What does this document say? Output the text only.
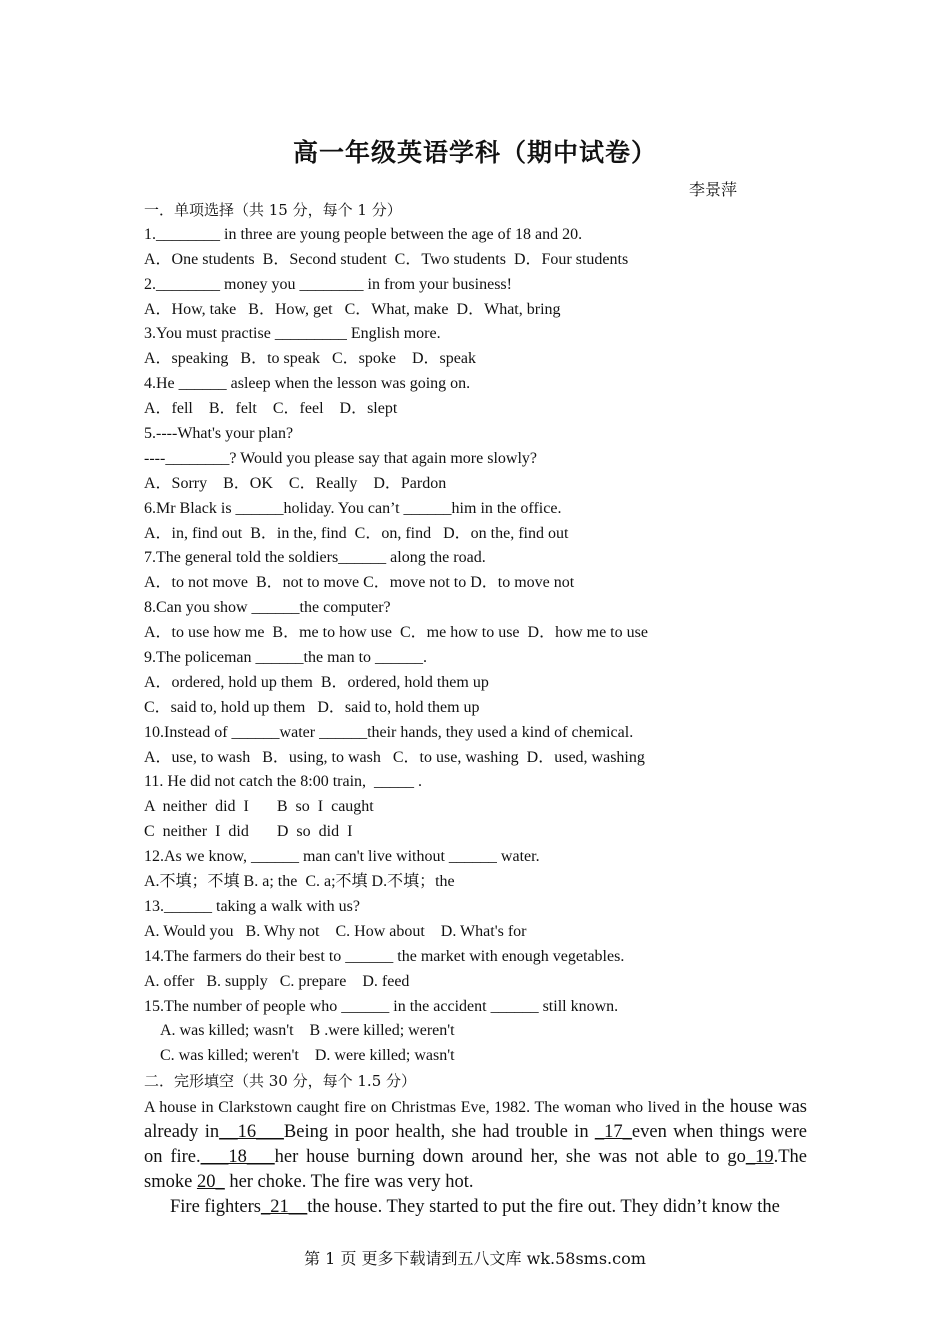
高一年级英语学科（期中试卷）
李景萍
一．单项选择（共 15 分，每个 1 分）
1.________ in three are young people between the age of 18 and 20.
A．One students  B．Second student  C．Two students  D．Four students
2.________ money you ________ in from your business!
A．How, take   B．How, get   C．What, make  D．What, bring
3.You must practise _________ English more.
A．speaking   B．to speak   C．spoke    D．speak
4.He ______ asleep when the lesson was going on.
A．fell    B．felt    C．feel    D．slept
5.----What's your plan?
----________? Would you please say that again more slowly?
A．Sorry    B．OK    C．Really    D．Pardon
6.Mr Black is ______holiday. You can’t ______him in the office.
A．in, find out  B．in the, find  C．on, find   D．on the, find out
7.The general told the soldiers______ along the road.
A．to not move  B．not to move C．move not to D．to move not
8.Can you show ______the computer?
A．to use how me  B．me to how use  C．me how to use  D．how me to use
9.The policeman ______the man to ______.
A．ordered, hold up them  B．ordered, hold them up
C．said to, hold up them   D．said to, hold them up
10.Instead of ______water ______their hands, they used a kind of chemical.
A．use, to wash   B．using, to wash   C．to use, washing  D．used, washing
11. He did not catch the 8:00 train,  _____ .
A  neither  did  I       B  so  I  caught
C  neither  I  did       D  so  did  I
12.As we know, ______ man can't live without ______ water.
A.不填；不填 B. a; the  C. a;不填 D.不填；the
13.______ taking a walk with us?
A. Would you   B. Why not    C. How about    D. What's for
14.The farmers do their best to ______ the market with enough vegetables.
A. offer   B. supply   C. prepare    D. feed
15.The number of people who ______ in the accident ______ still known.
A. was killed; wasn't    B .were killed; weren't
C. was killed; weren't    D. were killed; wasn't
二．完形填空（共 30 分，每个 1.5 分）

A house in Clarkstown caught fire on Christmas Eve, 1982. The woman who lived in the house was already in__16___Being in poor health, she had trouble in _17_even when things were on fire.___18___her house burning down around her, she was not able to go_19.The smoke 20_ her choke. The fire was very hot.

Fire fighters_21__the house. They started to put the fire out. They didn’t know the

第 1 页 更多下载请到五八文库 wk.58sms.com
